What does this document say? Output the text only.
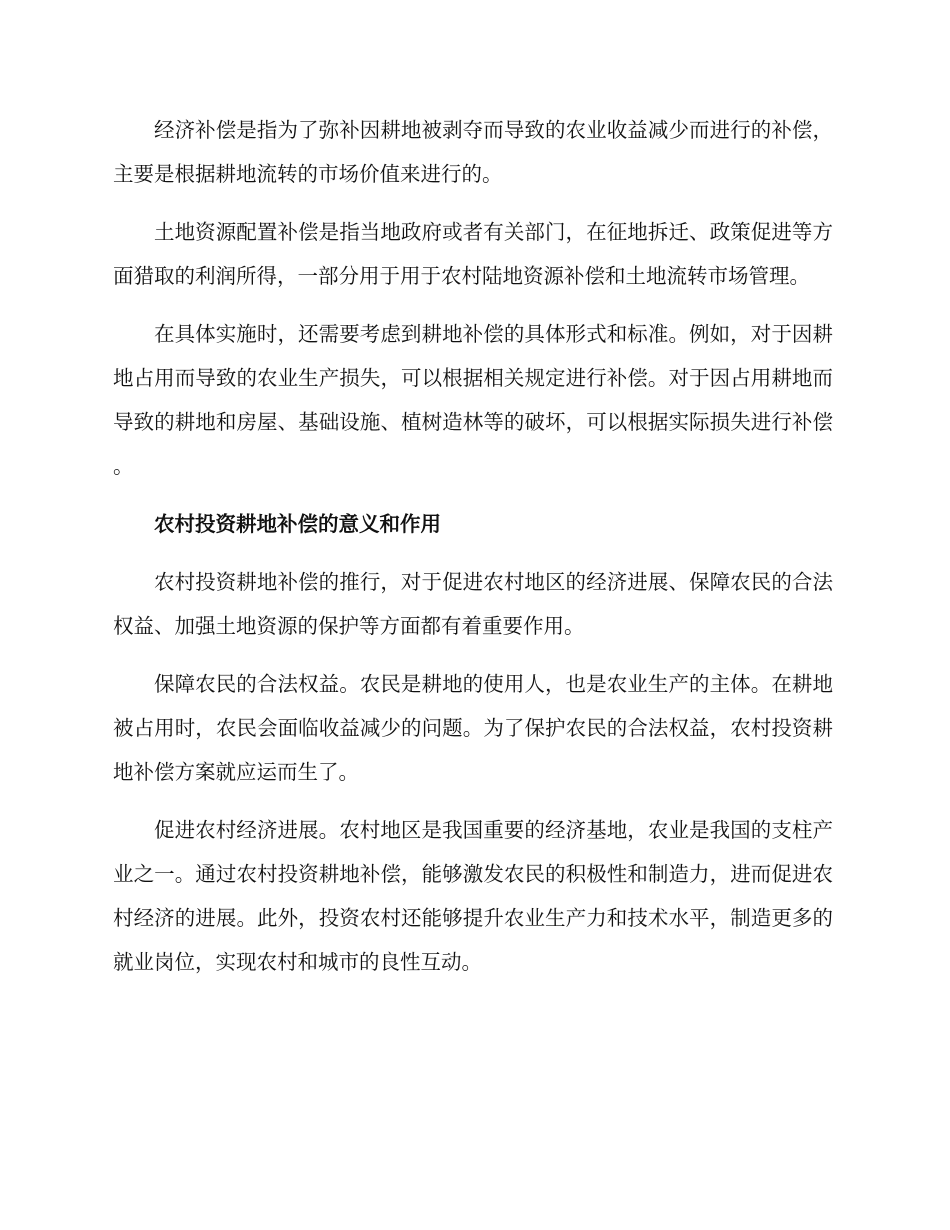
经济补偿是指为了弥补因耕地被剥夺而导致的农业收益减少而进行的补偿，主要是根据耕地流转的市场价值来进行的。

土地资源配置补偿是指当地政府或者有关部门，在征地拆迁、政策促进等方面猎取的利润所得，一部分用于用于农村陆地资源补偿和土地流转市场管理。

在具体实施时，还需要考虑到耕地补偿的具体形式和标准。例如，对于因耕地占用而导致的农业生产损失，可以根据相关规定进行补偿。对于因占用耕地而导致的耕地和房屋、基础设施、植树造林等的破坏，可以根据实际损失进行补偿。

农村投资耕地补偿的意义和作用

农村投资耕地补偿的推行，对于促进农村地区的经济进展、保障农民的合法权益、加强土地资源的保护等方面都有着重要作用。

保障农民的合法权益。农民是耕地的使用人，也是农业生产的主体。在耕地被占用时，农民会面临收益减少的问题。为了保护农民的合法权益，农村投资耕地补偿方案就应运而生了。

促进农村经济进展。农村地区是我国重要的经济基地，农业是我国的支柱产业之一。通过农村投资耕地补偿，能够激发农民的积极性和制造力，进而促进农村经济的进展。此外，投资农村还能够提升农业生产力和技术水平，制造更多的就业岗位，实现农村和城市的良性互动。
